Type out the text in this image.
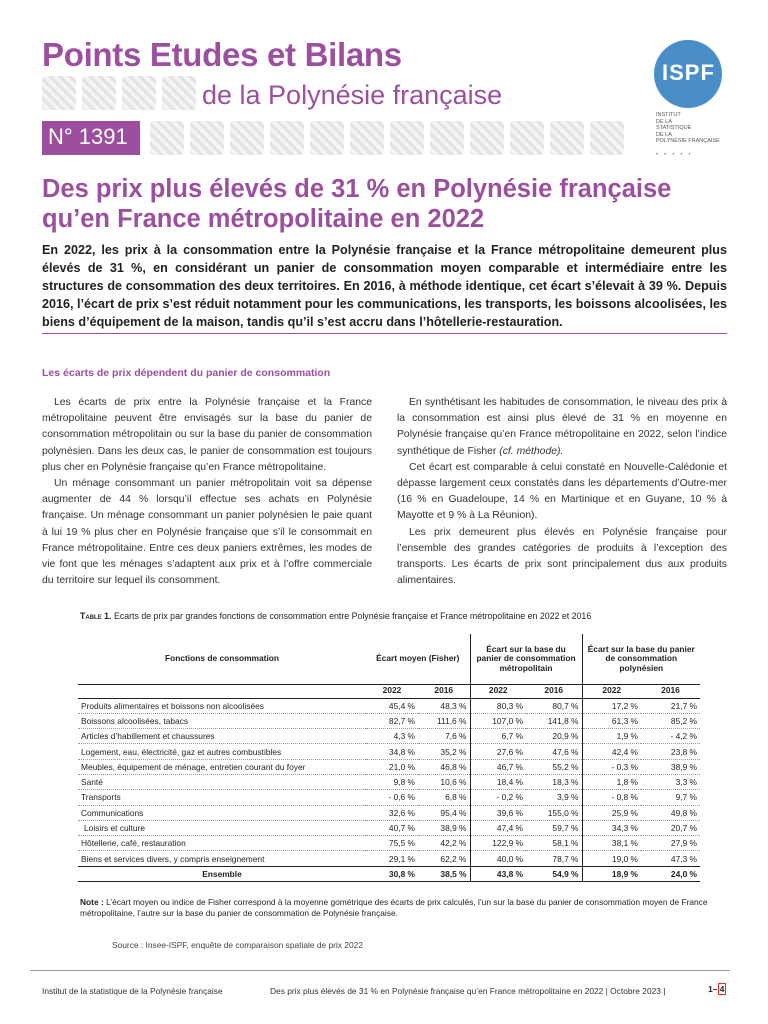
Points Etudes et Bilans
de la Polynésie française
N° 1391
ISPF
INSTITUT
DE LA
STATISTIQUE
DE LA
POLYNÉSIE FRANÇAISE
•••••
Des prix plus élevés de 31 % en Polynésie française qu’en France métropolitaine en 2022

En 2022, les prix à la consommation entre la Polynésie française et la France métropolitaine demeurent plus élevés de 31 %, en considérant un panier de consommation moyen comparable et intermédiaire entre les structures de consommation des deux territoires. En 2016, à méthode identique, cet écart s’élevait à 39 %. Depuis 2016, l’écart de prix s’est réduit notamment pour les communications, les transports, les boissons alcoolisées, les biens d’équipement de la maison, tandis qu’il s’est accru dans l’hôtellerie-restauration.

Les écarts de prix dépendent du panier de consommation

Les écarts de prix entre la Polynésie française et la France métropolitaine peuvent être envisagés sur la base du panier de consommation métropolitain ou sur la base du panier de consommation polynésien. Dans les deux cas, le panier de consommation est toujours plus cher en Polynésie française qu’en France métropolitaine.

Un ménage consommant un panier métropolitain voit sa dépense augmenter de 44 % lorsqu’il effectue ses achats en Polynésie française. Un ménage consommant un panier polynésien le paie quant à lui 19 % plus cher en Polynésie française que s’il le consommait en France métropolitaine. Entre ces deux paniers extrêmes, les modes de vie font que les ménages s’adaptent aux prix et à l’offre commerciale du territoire sur lequel ils consomment.

En synthétisant les habitudes de consommation, le niveau des prix à la consommation est ainsi plus élevé de 31 % en moyenne en Polynésie française qu’en France métropolitaine en 2022, selon l’indice synthétique de Fisher (cf. méthode).

Cet écart est comparable à celui constaté en Nouvelle-Calédonie et dépasse largement ceux constatés dans les départements d’Outre-mer (16 % en Guadeloupe, 14 % en Martinique et en Guyane, 10 % à Mayotte et 9 % à La Réunion).

Les prix demeurent plus élevés en Polynésie française pour l’ensemble des grandes catégories de produits à l’exception des transports. Les écarts de prix sont principalement dus aux produits alimentaires.

Table 1. Ecarts de prix par grandes fonctions de consommation entre Polynésie française et France métropolitaine en 2022 et 2016
Fonctions de consommation	Écart moyen (Fisher)		Écart sur la base du panier de consommation métropolitain		Écart sur la base du panier de consommation polynésien	
	2022	2016	2022	2016	2022	2016
Produits alimentaires et boissons non alcoolisées	45,4 %	48,3 %	80,3 %	80,7 %	17,2 %	21,7 %
Boissons alcoolisées, tabacs	82,7 %	111,6 %	107,0 %	141,8 %	61,3 %	85,2 %
Articles d’habillement et chaussures	4,3 %	7,6 %	6,7 %	20,9 %	1,9 %	- 4,2 %
Logement, eau, électricité, gaz et autres combustibles	34,8 %	35,2 %	27,6 %	47,6 %	42,4 %	23,8 %
Meubles, équipement de ménage, entretien courant du foyer	21,0 %	46,8 %	46,7 %	55,2 %	- 0,3 %	38,9 %
Santé	9,8 %	10,6 %	18,4 %	18,3 %	1,8 %	3,3 %
Transports	- 0,6 %	6,8 %	- 0,2 %	3,9 %	- 0,8 %	9,7 %
Communications	32,6 %	95,4 %	39,6 %	155,0 %	25,9 %	49,8 %
Loisirs et culture	40,7 %	38,9 %	47,4 %	59,7 %	34,3 %	20,7 %
Hôtellerie, café, restauration	75,5 %	42,2 %	122,9 %	58,1 %	38,1 %	27,9 %
Biens et services divers, y compris enseignement	29,1 %	62,2 %	40,0 %	78,7 %	19,0 %	47,3 %
Ensemble	30,8 %	38,5 %	43,8 %	54,9 %	18,9 %	24,0 %
Note : L’écart moyen ou indice de Fisher correspond à la moyenne gométrique des écarts de prix calculés, l’un sur la base du panier de consommation moyen de France métropolitaine, l’autre sur la base du panier de consommation de Polynésie française.
Source : Insee-ISPF, enquête de comparaison spatiale de prix 2022
Institut de la statistique de la Polynésie française	Des prix plus élevés de 31 % en Polynésie française qu’en France métropolitaine en 2022 | Octobre 2023 |	1– 4
